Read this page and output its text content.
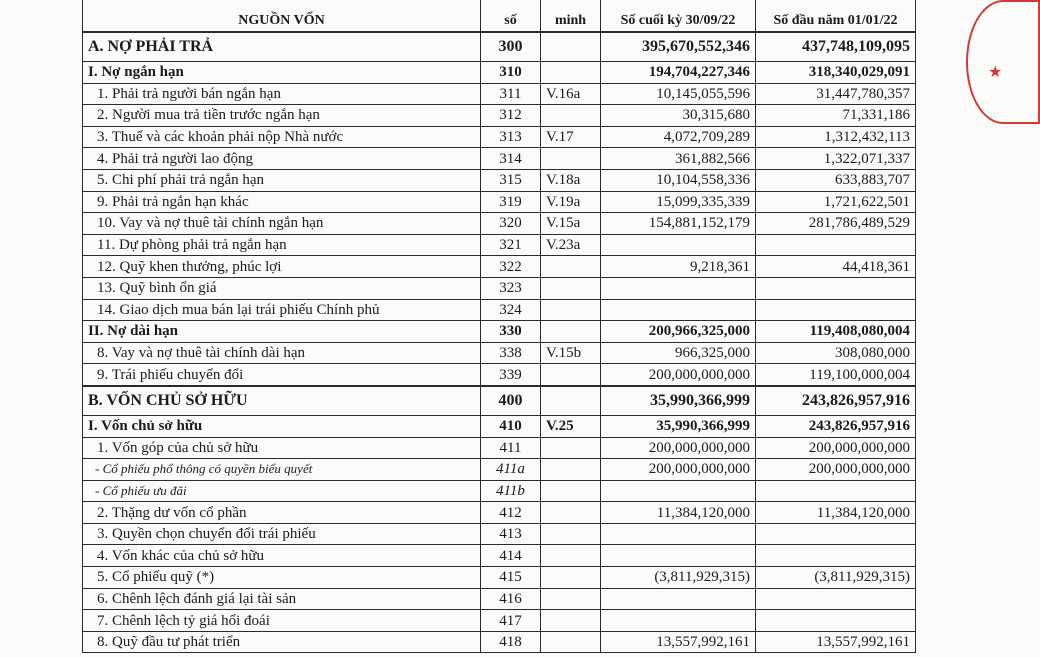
NGUỒN VỐN	số	minh	Số cuối kỳ 30/09/22	Số đầu năm 01/01/22
A. NỢ PHẢI TRẢ	300		395,670,552,346	437,748,109,095
I. Nợ ngắn hạn	310		194,704,227,346	318,340,029,091
1. Phải trả người bán ngắn hạn	311	V.16a	10,145,055,596	31,447,780,357
2. Người mua trả tiền trước ngắn hạn	312		30,315,680	71,331,186
3. Thuế và các khoản phải nộp Nhà nước	313	V.17	4,072,709,289	1,312,432,113
4. Phải trả người lao động	314		361,882,566	1,322,071,337
5. Chi phí phải trả ngắn hạn	315	V.18a	10,104,558,336	633,883,707
9. Phải trả ngắn hạn khác	319	V.19a	15,099,335,339	1,721,622,501
10. Vay và nợ thuê tài chính ngắn hạn	320	V.15a	154,881,152,179	281,786,489,529
11. Dự phòng phải trả ngắn hạn	321	V.23a		
12. Quỹ khen thưởng, phúc lợi	322		9,218,361	44,418,361
13. Quỹ bình ổn giá	323			
14. Giao dịch mua bán lại trái phiếu Chính phủ	324			
II. Nợ dài hạn	330		200,966,325,000	119,408,080,004
8. Vay và nợ thuê tài chính dài hạn	338	V.15b	966,325,000	308,080,000
9. Trái phiếu chuyển đổi	339		200,000,000,000	119,100,000,004
B. VỐN CHỦ SỞ HỮU	400		35,990,366,999	243,826,957,916
I. Vốn chủ sở hữu	410	V.25	35,990,366,999	243,826,957,916
1. Vốn góp của chủ sở hữu	411		200,000,000,000	200,000,000,000
- Cổ phiếu phổ thông có quyền biểu quyết	411a		200,000,000,000	200,000,000,000
- Cổ phiếu ưu đãi	411b			
2. Thặng dư vốn cổ phần	412		11,384,120,000	11,384,120,000
3. Quyền chọn chuyển đổi trái phiếu	413			
4. Vốn khác của chủ sở hữu	414			
5. Cổ phiếu quỹ (*)	415		(3,811,929,315)	(3,811,929,315)
6. Chênh lệch đánh giá lại tài sản	416			
7. Chênh lệch tỷ giá hối đoái	417			
8. Quỹ đầu tư phát triển	418		13,557,992,161	13,557,992,161
★
